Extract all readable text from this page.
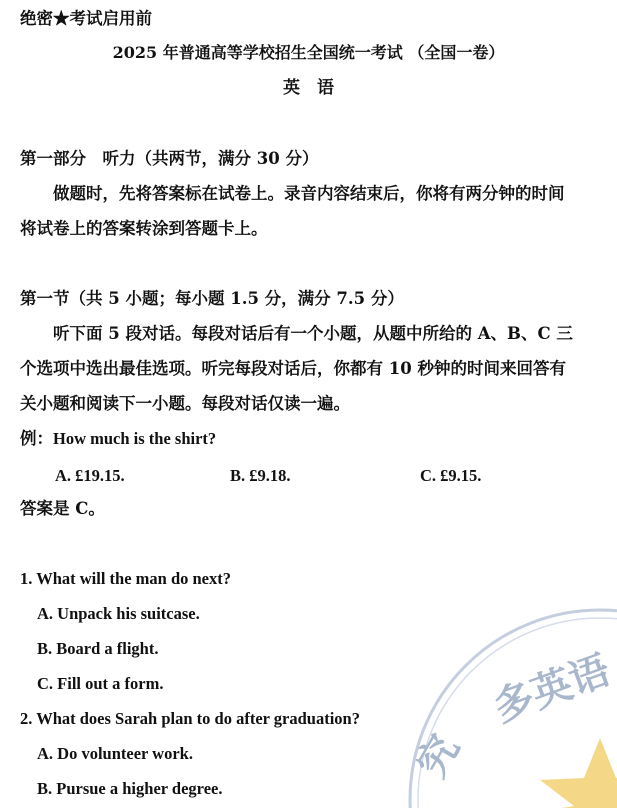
多英语
究
绝密★考试启用前
2025 年普通高等学校招生全国统一考试 （全国一卷）
英　语
第一部分　听力（共两节，满分 30 分）
做题时，先将答案标在试卷上。录音内容结束后，你将有两分钟的时间
将试卷上的答案转涂到答题卡上。
第一节（共 5 小题；每小题 1.5 分，满分 7.5 分）
听下面 5 段对话。每段对话后有一个小题，从题中所给的 A、B、C 三
个选项中选出最佳选项。听完每段对话后，你都有 10 秒钟的时间来回答有
关小题和阅读下一小题。每段对话仅读一遍。
例：How much is the shirt?
A. £19.15.	B. £9.18.	C. £9.15.
答案是 C。
1. What will the man do next?
A. Unpack his suitcase.
B. Board a flight.
C. Fill out a form.
2. What does Sarah plan to do after graduation?
A. Do volunteer work.
B. Pursue a higher degree.
